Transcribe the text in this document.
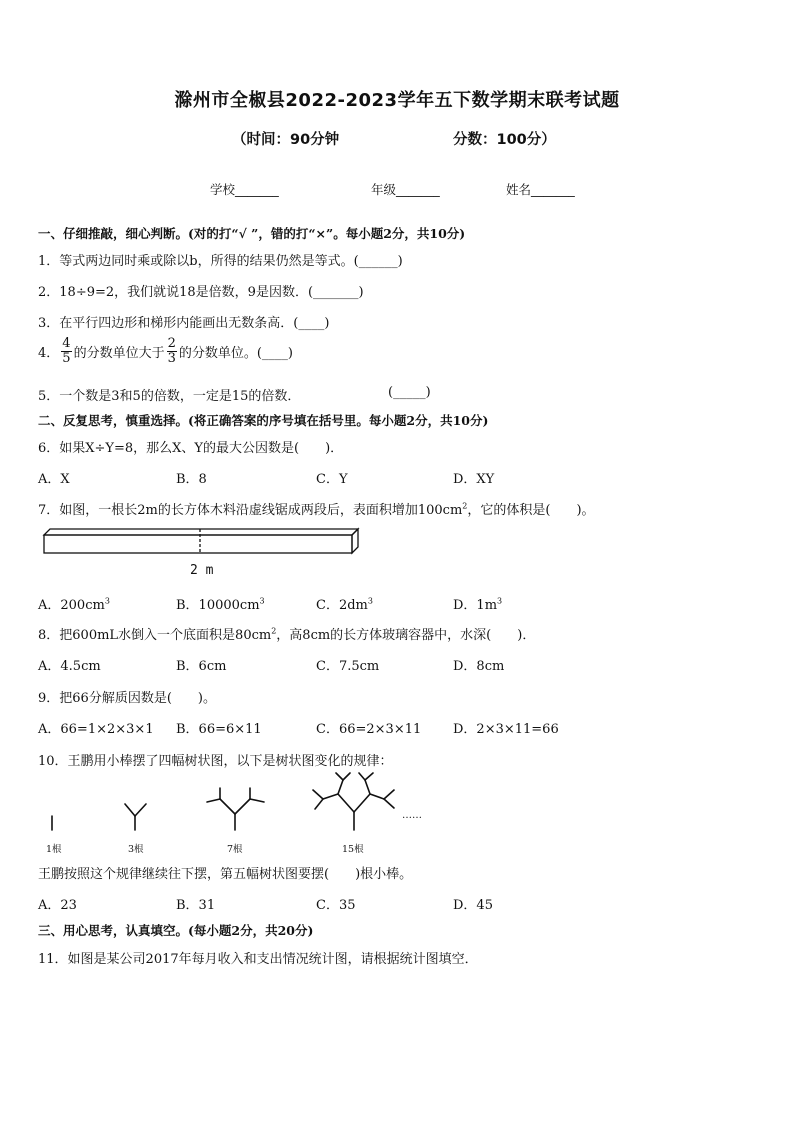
滁州市全椒县2022-2023学年五下数学期末联考试题
（时间：90分钟	分数：100分）
学校_______	年级_______	姓名_______
一、仔细推敲，细心判断。(对的打“√ ”，错的打“×”。每小题2分，共10分)
1．等式两边同时乘或除以b，所得的结果仍然是等式。(______)
2．18÷9=2，我们就说18是倍数，9是因数．(_______)
3．在平行四边形和梯形内能画出无数条高．(____)
4． $\frac{4}{5}$ 的分数单位大于 $\frac{2}{3}$ 的分数单位。(____)
5．一个数是3和5的倍数，一定是15的倍数．	(_____)
二、反复思考，慎重选择。(将正确答案的序号填在括号里。每小题2分，共10分)
6．如果X÷Y=8，那么X、Y的最大公因数是(　　)．
A．X	B．8	C．Y	D．XY
7．如图，一根长2m的长方体木料沿虚线锯成两段后，表面积增加$100cm^2$，它的体积是(　　)。
2 m
A．$200cm^3$	B．$10000cm^3$	C．$2dm^3$	D．$1m^3$
8．把600mL水倒入一个底面积是$80cm^2$，高8cm的长方体玻璃容器中，水深(　　)．
A．4.5cm	B．6cm	C．7.5cm	D．8cm
9．把66分解质因数是(　　)。
A．66=1×2×3×1 B．66=6×11	C．66=2×3×11 D．2×3×11=66
10．王鹏用小棒摆了四幅树状图，以下是树状图变化的规律：
1根	3根	7根	15根
……
王鹏按照这个规律继续往下摆，第五幅树状图要摆(　　)根小棒。
A．23	B．31	C．35	D．45
三、用心思考，认真填空。(每小题2分，共20分)
11．如图是某公司2017年每月收入和支出情况统计图，请根据统计图填空．
